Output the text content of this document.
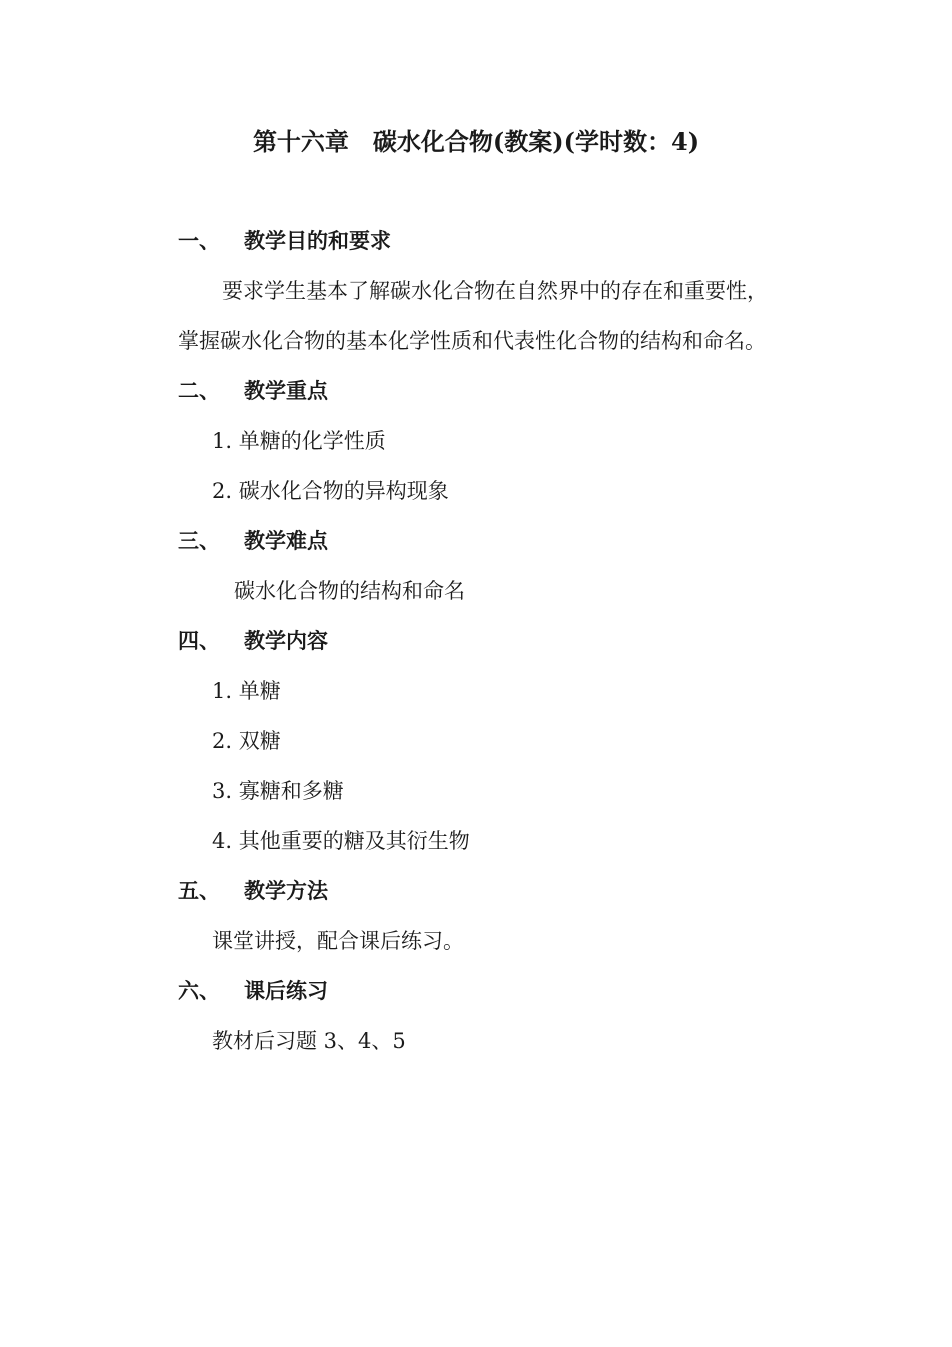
第十六章　碳水化合物(教案)(学时数：4)
一、 教学目的和要求
要求学生基本了解碳水化合物在自然界中的存在和重要性，
掌握碳水化合物的基本化学性质和代表性化合物的结构和命名。
二、 教学重点
1. 单糖的化学性质
2. 碳水化合物的异构现象
三、 教学难点
碳水化合物的结构和命名
四、 教学内容
1. 单糖
2. 双糖
3. 寡糖和多糖
4. 其他重要的糖及其衍生物
五、 教学方法
课堂讲授，配合课后练习。
六、 课后练习
教材后习题 3、4、5
